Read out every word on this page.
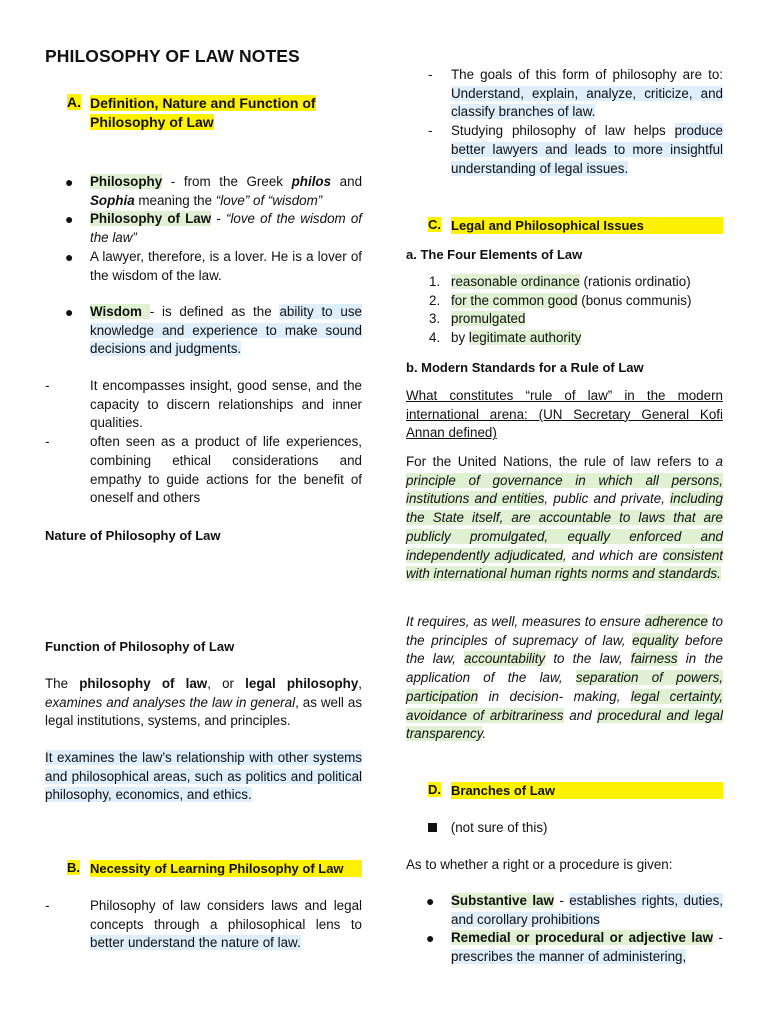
PHILOSOPHY OF LAW NOTES
A. Definition, Nature and Function of
Philosophy of Law
● Philosophy - from the Greek philos and Sophia meaning the “love” of “wisdom”
● Philosophy of Law - “love of the wisdom of the law”
● A lawyer, therefore, is a lover. He is a lover of the wisdom of the law.
● Wisdom - is defined as the ability to use knowledge and experience to make sound decisions and judgments.
-	It encompasses insight, good sense, and the capacity to discern relationships and inner qualities.
-	often seen as a product of life experiences, combining ethical considerations and empathy to guide actions for the benefit of oneself and others
Nature of Philosophy of Law
Function of Philosophy of Law

The philosophy of law, or legal philosophy, examines and analyses the law in general, as well as legal institutions, systems, and principles.

It examines the law’s relationship with other systems and philosophical areas, such as politics and political philosophy, economics, and ethics.

B. Necessity of Learning Philosophy of Law
-	Philosophy of law considers laws and legal concepts through a philosophical lens to better understand the nature of law.
- The goals of this form of philosophy are to: Understand, explain, analyze, criticize, and classify branches of law.
- Studying philosophy of law helps produce better lawyers and leads to more insightful understanding of legal issues.
C. Legal and Philosophical Issues
a. The Four Elements of Law
1. reasonable ordinance (rationis ordinatio)
2. for the common good (bonus communis)
3. promulgated
4. by legitimate authority
b. Modern Standards for a Rule of Law

What constitutes “rule of law” in the modern international arena: (UN Secretary General Kofi Annan defined)

For the United Nations, the rule of law refers to a principle of governance in which all persons, institutions and entities, public and private, including the State itself, are accountable to laws that are publicly promulgated, equally enforced and independently adjudicated, and which are consistent with international human rights norms and standards.

It requires, as well, measures to ensure adherence to the principles of supremacy of law, equality before the law, accountability to the law, fairness in the application of the law, separation of powers, participation in decision- making, legal certainty, avoidance of arbitrariness and procedural and legal transparency.

D. Branches of Law
(not sure of this)

As to whether a right or a procedure is given:

● Substantive law - establishes rights, duties, and corollary prohibitions
● Remedial or procedural or adjective law - prescribes the manner of administering,
